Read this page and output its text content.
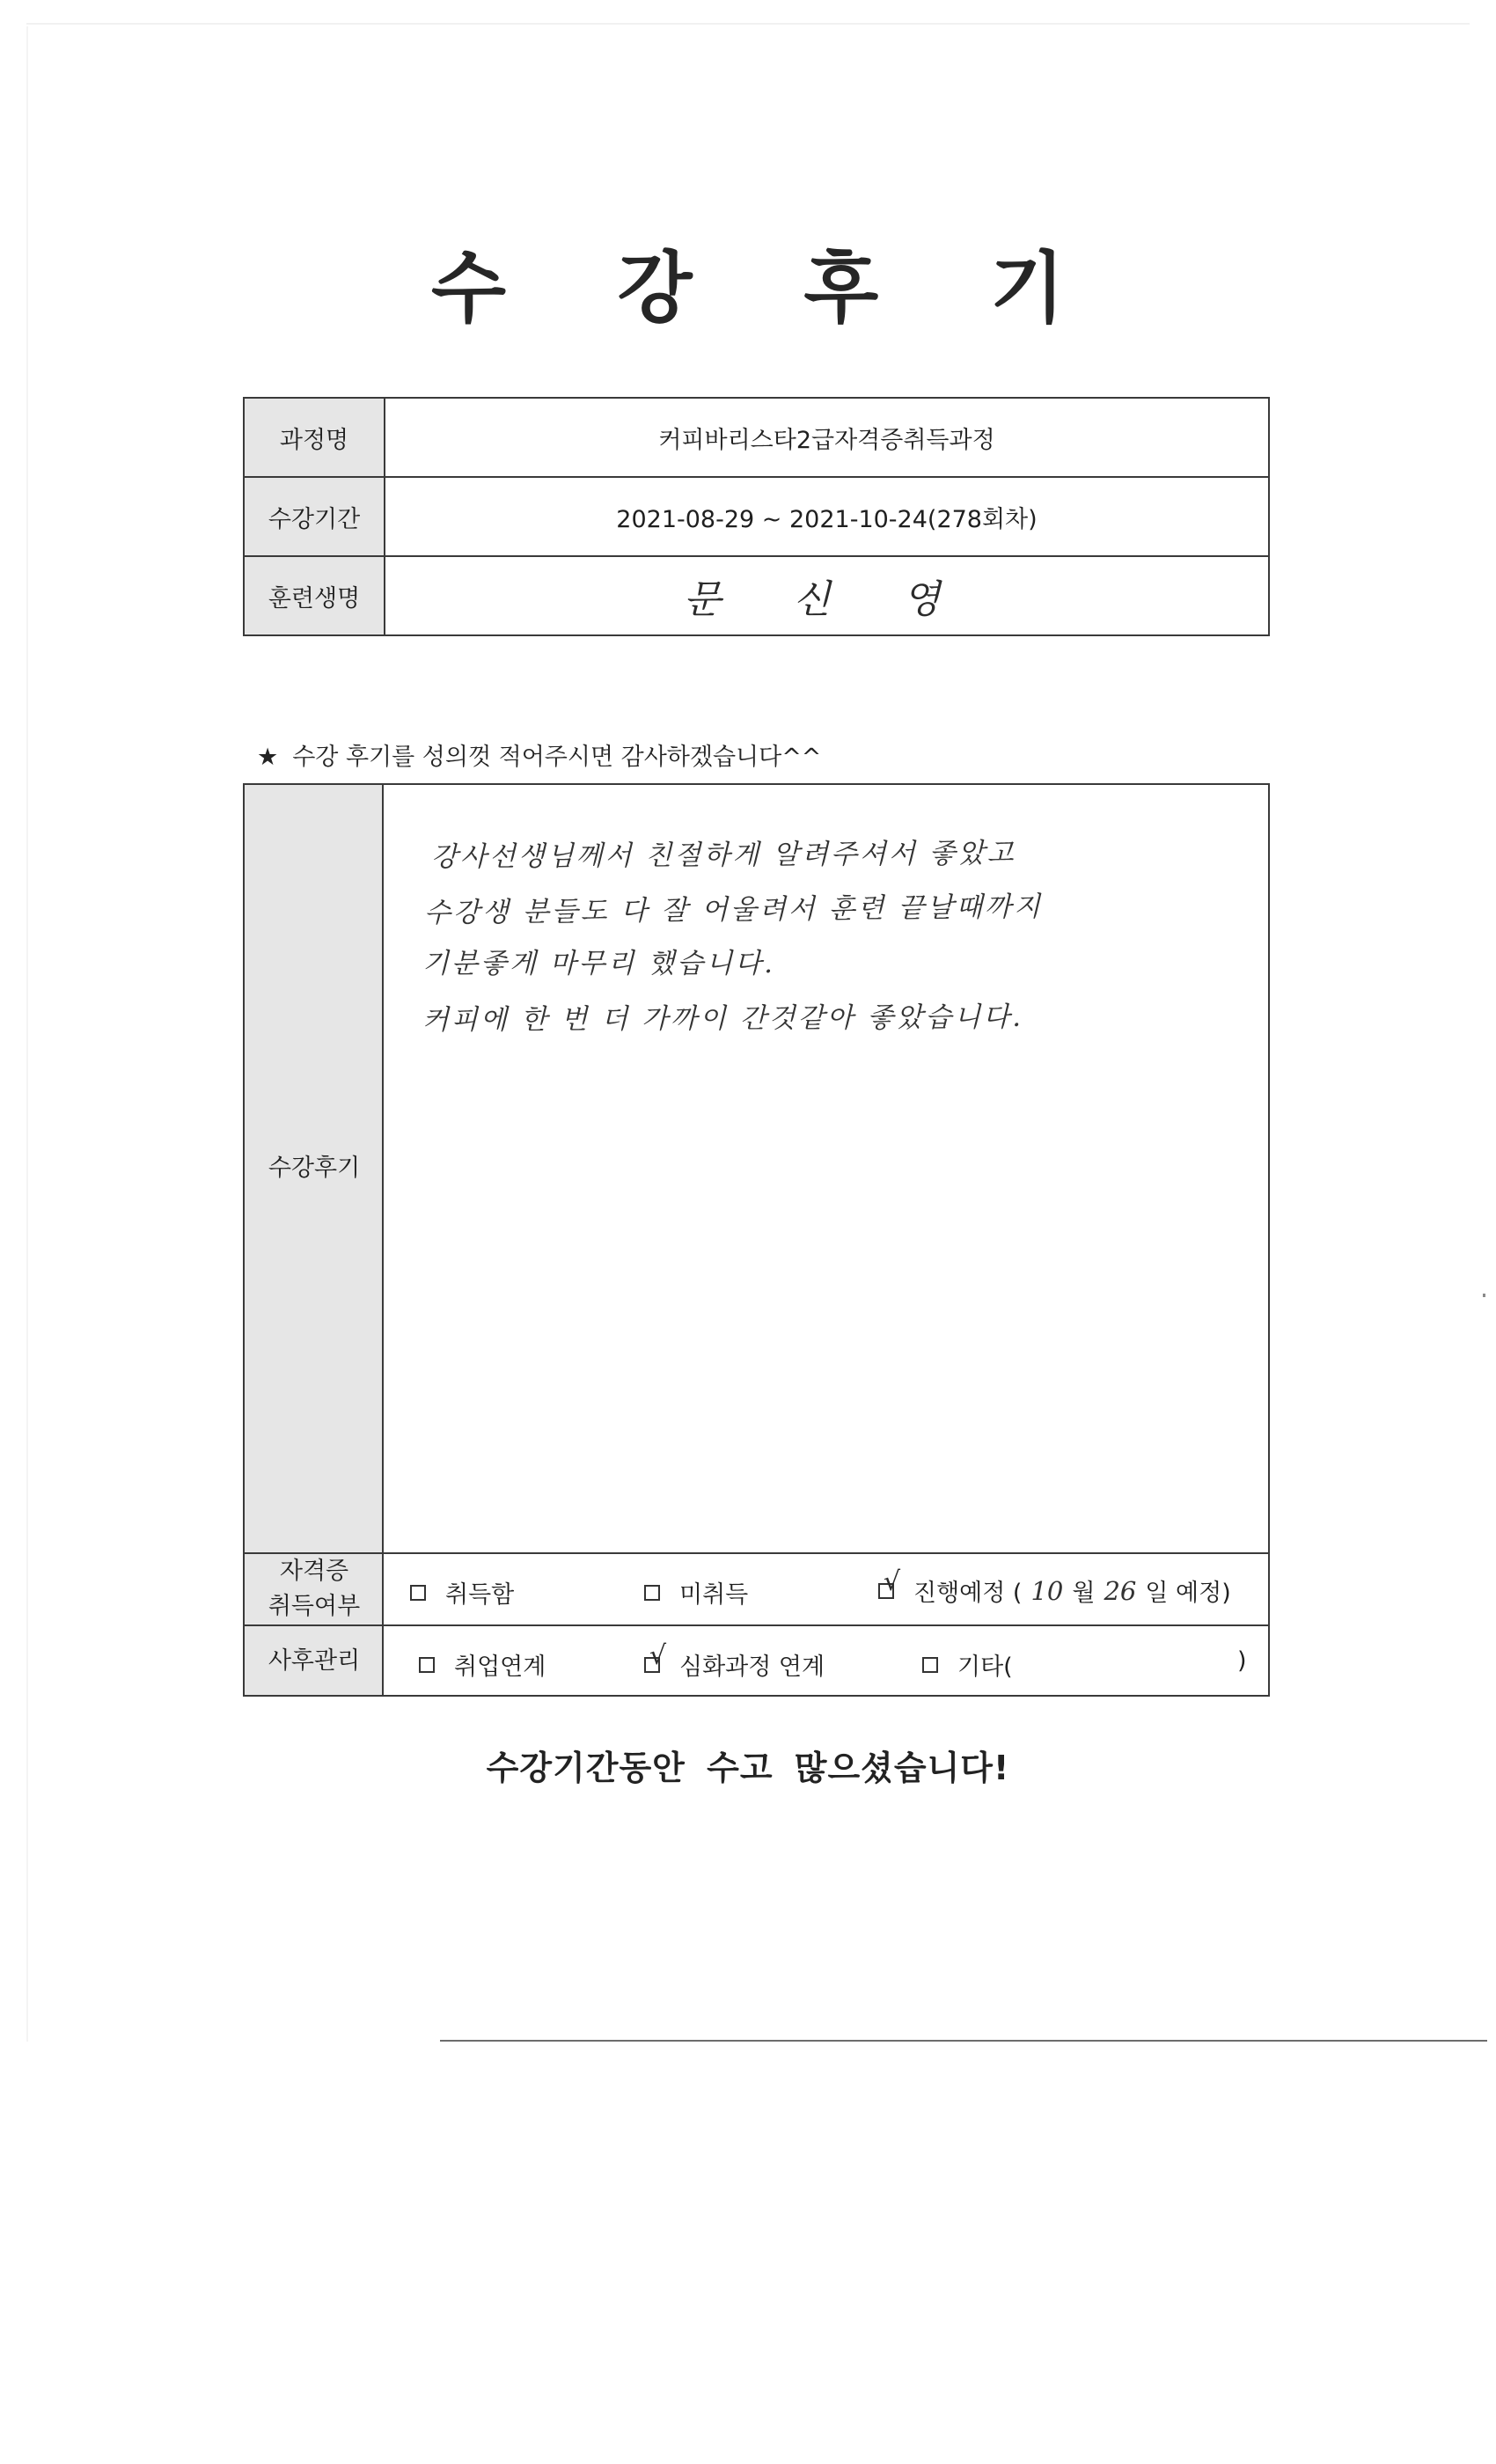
수 강 후 기
과정명	커피바리스타2급자격증취득과정
수강기간	2021-08-29 ~ 2021-10-24(278회차)
훈련생명	문 신 영
★ 수강 후기를 성의껏 적어주시면 감사하겠습니다^^
수강후기
강사선생님께서 친절하게 알려주셔서 좋았고
수강생 분들도 다 잘 어울려서 훈련 끝날때까지
기분좋게 마무리 했습니다.
커피에 한 번 더 가까이 간것같아 좋았습니다.
자격증
취득여부	취득함	미취득	√ 진행예정 ( 10 월 26 일 예정)
사후관리	취업연계	√ 심화과정 연계	기타(	)
수강기간동안 수고 많으셨습니다!
